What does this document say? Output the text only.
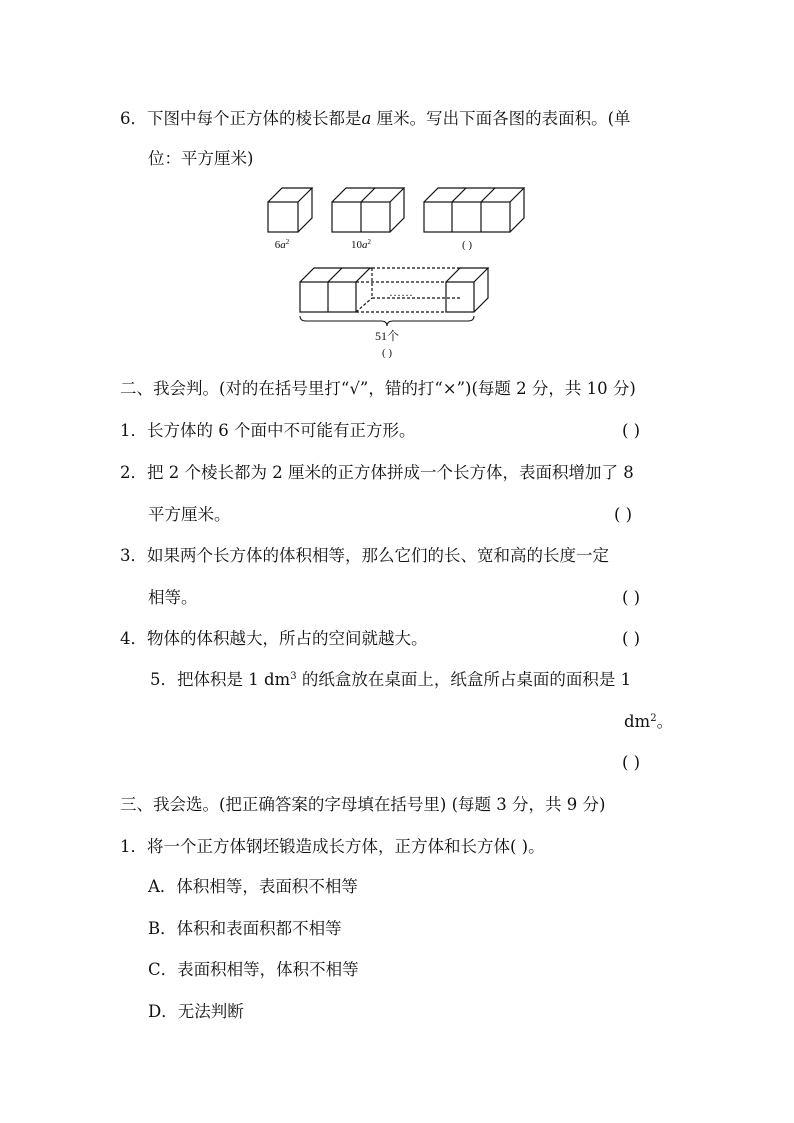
6．下图中每个正方体的棱长都是a 厘米。写出下面各图的表面积。(单
位：平方厘米)
$6a^2$	$10a^2$	( )
……
51个
( )
二、我会判。(对的在括号里打“√”，错的打“×”)(每题 2 分，共 10 分)
1．长方体的 6 个面中不可能有正方形。	( )
2．把 2 个棱长都为 2 厘米的正方体拼成一个长方体，表面积增加了 8
平方厘米。	( )
3．如果两个长方体的体积相等，那么它们的长、宽和高的长度一定
相等。	( )
4．物体的体积越大，所占的空间就越大。	( )
5．把体积是 1 $dm^3$ 的纸盒放在桌面上，纸盒所占桌面的面积是 1
$dm^2$。
( )
三、我会选。(把正确答案的字母填在括号里) (每题 3 分，共 9 分)
1．将一个正方体钢坯锻造成长方体，正方体和长方体( )。
A．体积相等，表面积不相等
B．体积和表面积都不相等
C．表面积相等，体积不相等
D．无法判断
